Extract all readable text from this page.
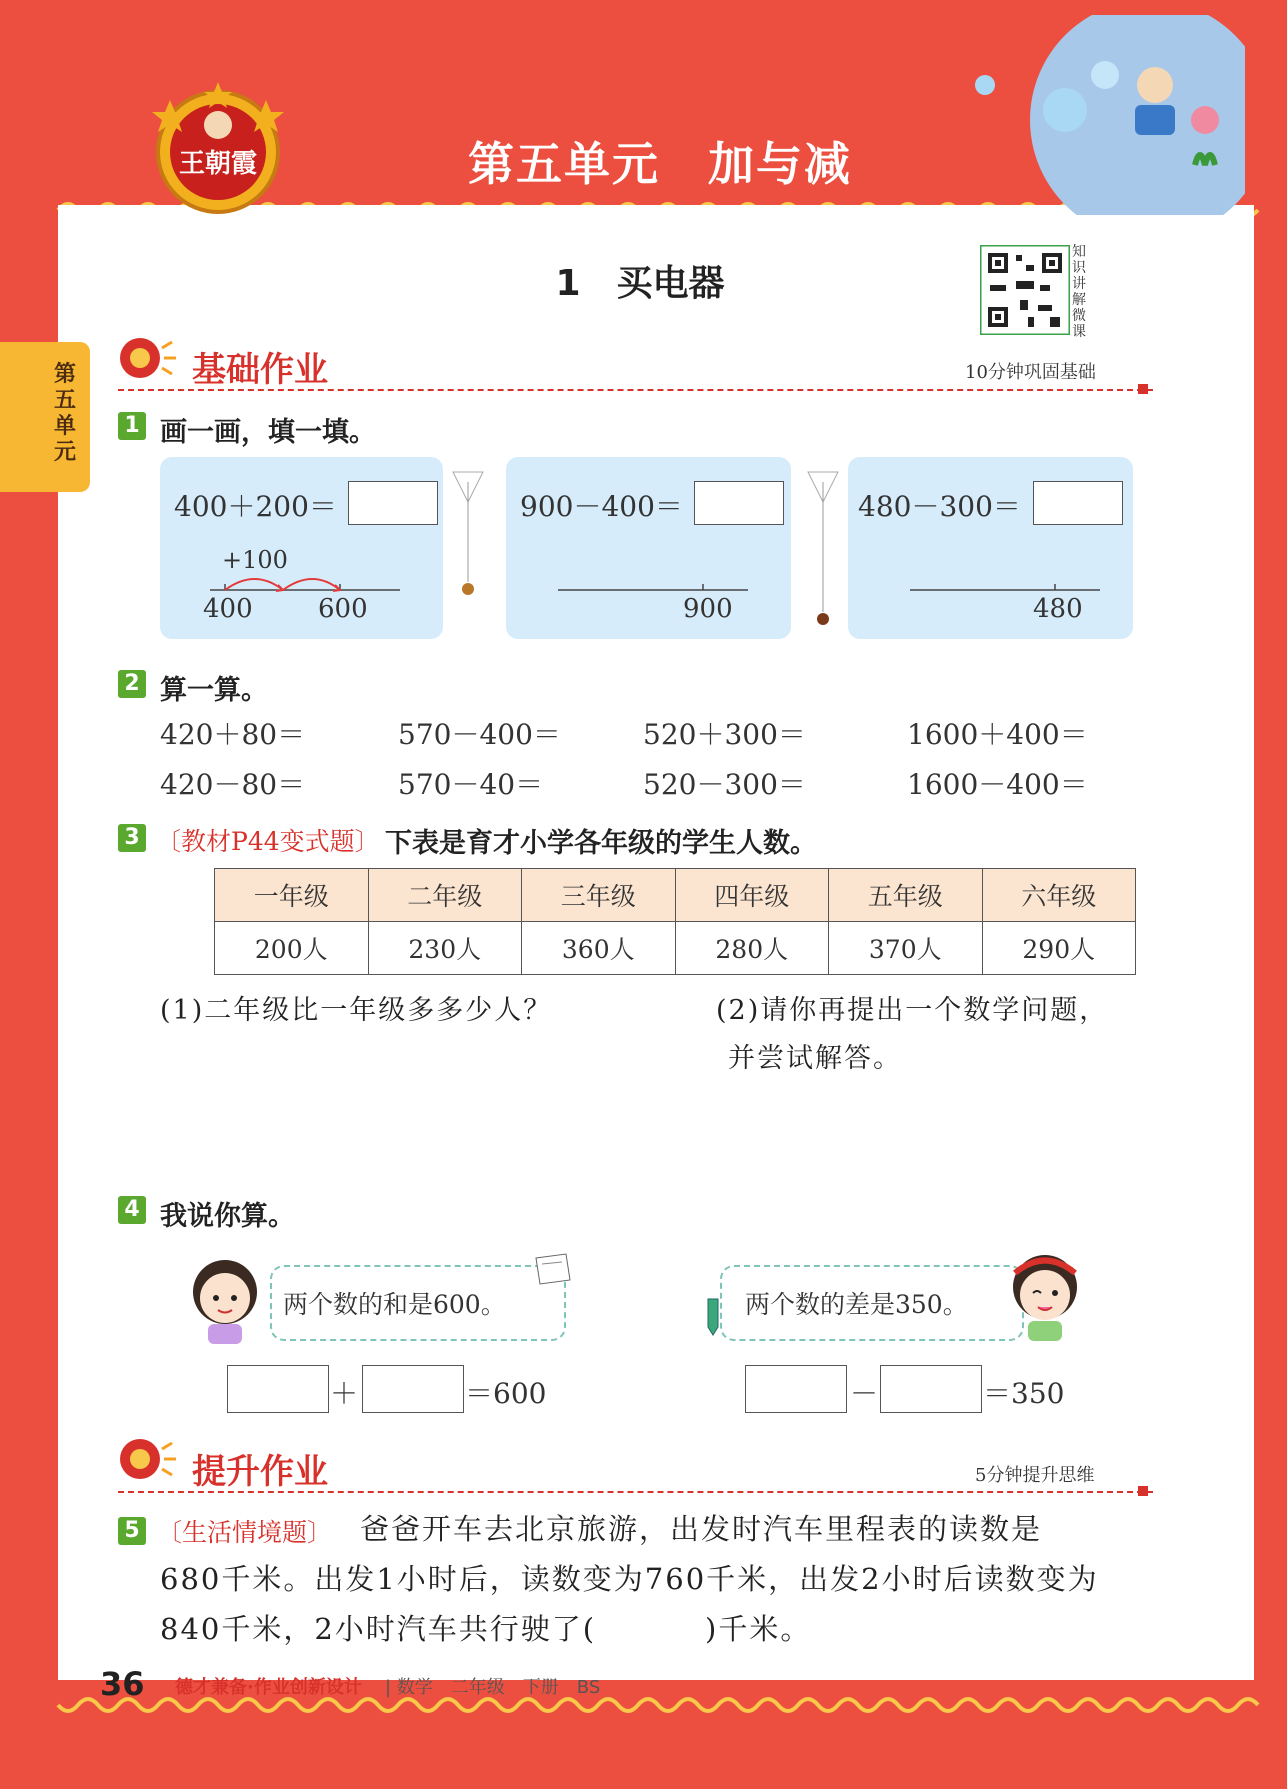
王朝霞	第五单元　加与减
第五单元
1　买电器
知识讲解微课
基础作业	10分钟巩固基础
1 画一画，填一填。
400＋200＝
+100
400	600
900－400＝
900
480－300＝
480
2 算一算。
420＋80＝	570－400＝	520＋300＝	1600＋400＝
420－80＝	570－40＝	520－300＝	1600－400＝
3 〔教材P44变式题〕 下表是育才小学各年级的学生人数。
一年级	二年级	三年级	四年级	五年级	六年级
200人	230人	360人	280人	370人	290人
(1)二年级比一年级多多少人？	(2)请你再提出一个数学问题，
并尝试解答。
4 我说你算。
两个数的和是600。
＋	＝600
两个数的差是350。
－	＝350
提升作业	5分钟提升思维
5 〔生活情境题〕 爸爸开车去北京旅游，出发时汽车里程表的读数是
680千米。出发1小时后，读数变为760千米，出发2小时后读数变为
840千米，2小时汽车共行驶了(	)千米。
36 德才兼备·作业创新设计 | 数学　二年级　下册　BS
